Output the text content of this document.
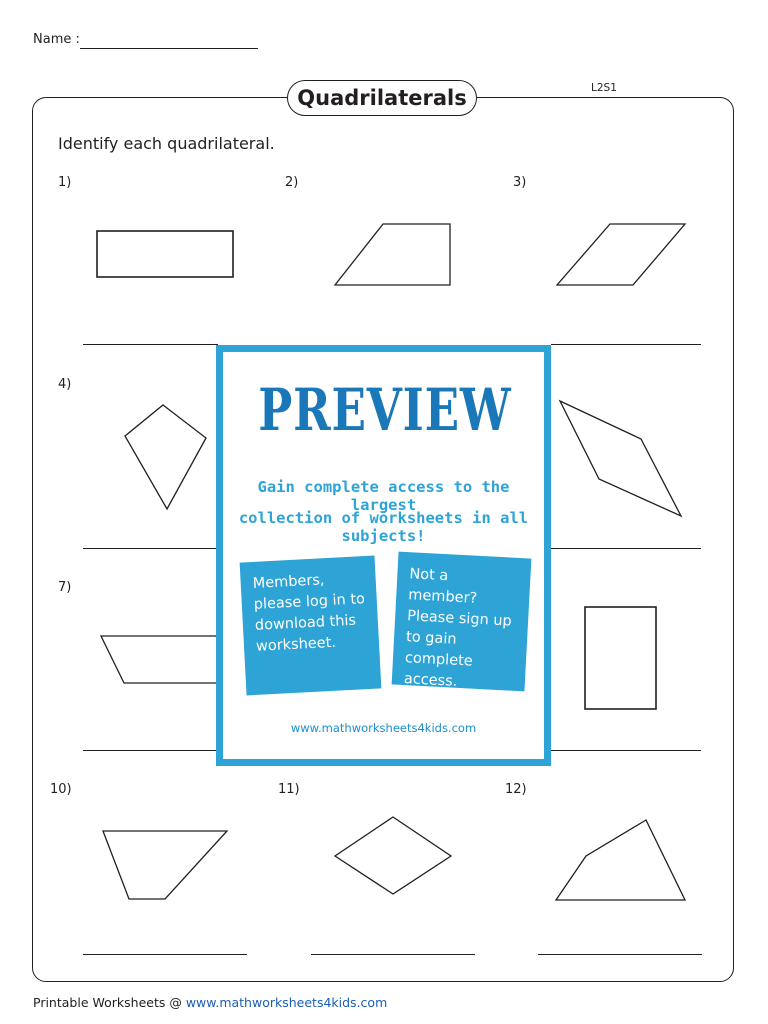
Name :
Quadrilaterals	L2S1
Identify each quadrilateral.
1)	2)	3)
4)
7)
10)	11)	12)
PREVIEW
Gain complete access to the largest
collection of worksheets in all subjects!
Members, please log in to download this worksheet.
Not a member? Please sign up to gain complete access.
www.mathworksheets4kids.com
Printable Worksheets @ www.mathworksheets4kids.com
